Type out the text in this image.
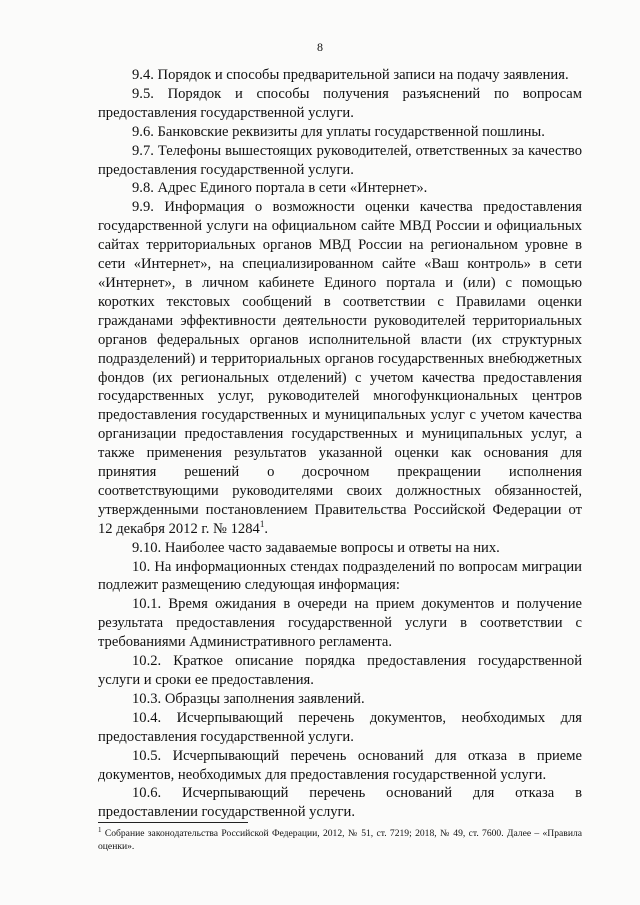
8

9.4. Порядок и способы предварительной записи на подачу заявления.

9.5. Порядок и способы получения разъяснений по вопросам предоставления государственной услуги.

9.6. Банковские реквизиты для уплаты государственной пошлины.

9.7. Телефоны вышестоящих руководителей, ответственных за качество предоставления государственной услуги.

9.8. Адрес Единого портала в сети «Интернет».

9.9. Информация о возможности оценки качества предоставления государственной услуги на официальном сайте МВД России и официальных сайтах территориальных органов МВД России на региональном уровне в сети «Интернет», на специализированном сайте «Ваш контроль» в сети «Интернет», в личном кабинете Единого портала и (или) с помощью коротких текстовых сообщений в соответствии с Правилами оценки гражданами эффективности деятельности руководителей территориальных органов федеральных органов исполнительной власти (их структурных подразделений) и территориальных органов государственных внебюджетных фондов (их региональных отделений) с учетом качества предоставления государственных услуг, руководителей многофункциональных центров предоставления государственных и муниципальных услуг с учетом качества организации предоставления государственных и муниципальных услуг, а также применения результатов указанной оценки как основания для принятия решений о досрочном прекращении исполнения соответствующими руководителями своих должностных обязанностей, утвержденными постановлением Правительства Российской Федерации от 12 декабря 2012 г. № 1284$^1$.

9.10. Наиболее часто задаваемые вопросы и ответы на них.

10. На информационных стендах подразделений по вопросам миграции подлежит размещению следующая информация:

10.1. Время ожидания в очереди на прием документов и получение результата предоставления государственной услуги в соответствии с требованиями Административного регламента.

10.2. Краткое описание порядка предоставления государственной услуги и сроки ее предоставления.

10.3. Образцы заполнения заявлений.

10.4. Исчерпывающий перечень документов, необходимых для предоставления государственной услуги.

10.5. Исчерпывающий перечень оснований для отказа в приеме документов, необходимых для предоставления государственной услуги.

10.6. Исчерпывающий перечень оснований для отказа в предоставлении государственной услуги.

$^1$ Собрание законодательства Российской Федерации, 2012, № 51, ст. 7219; 2018, № 49, ст. 7600. Далее – «Правила оценки».
